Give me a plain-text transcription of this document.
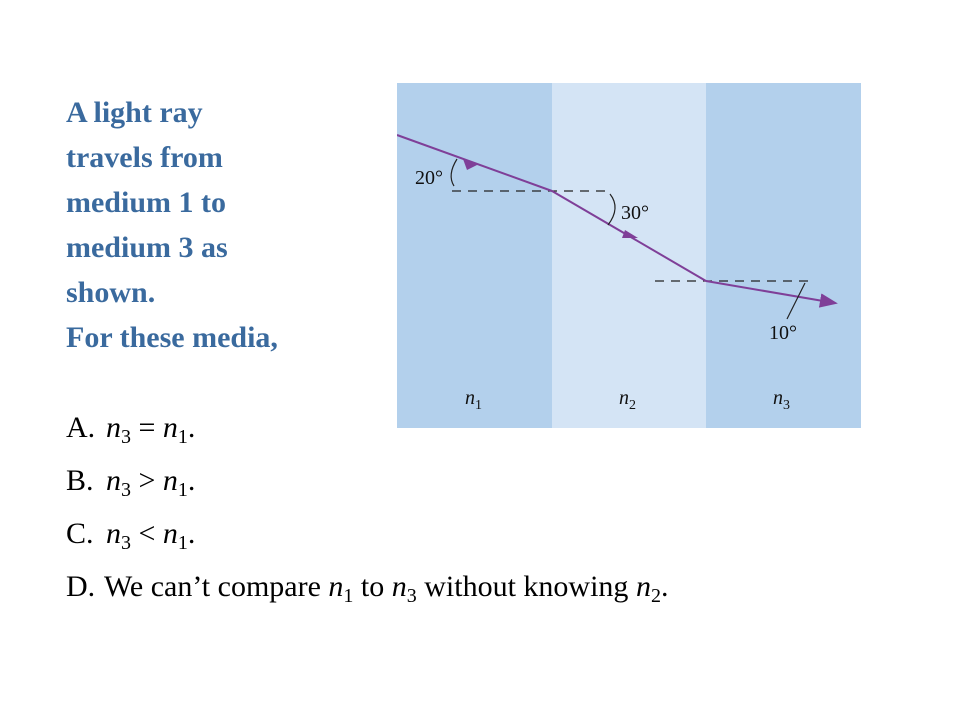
A light ray
travels from
medium 1 to
medium 3 as
shown.
For these media,
20°
30°
10°
$n_1$	$n_2$	$n_3$
A. $n_3 = n_1$.
B. $n_3 > n_1$.
C. $n_3 < n_1$.
D. We can’t compare $n_1$ to $n_3$ without knowing $n_2$.
